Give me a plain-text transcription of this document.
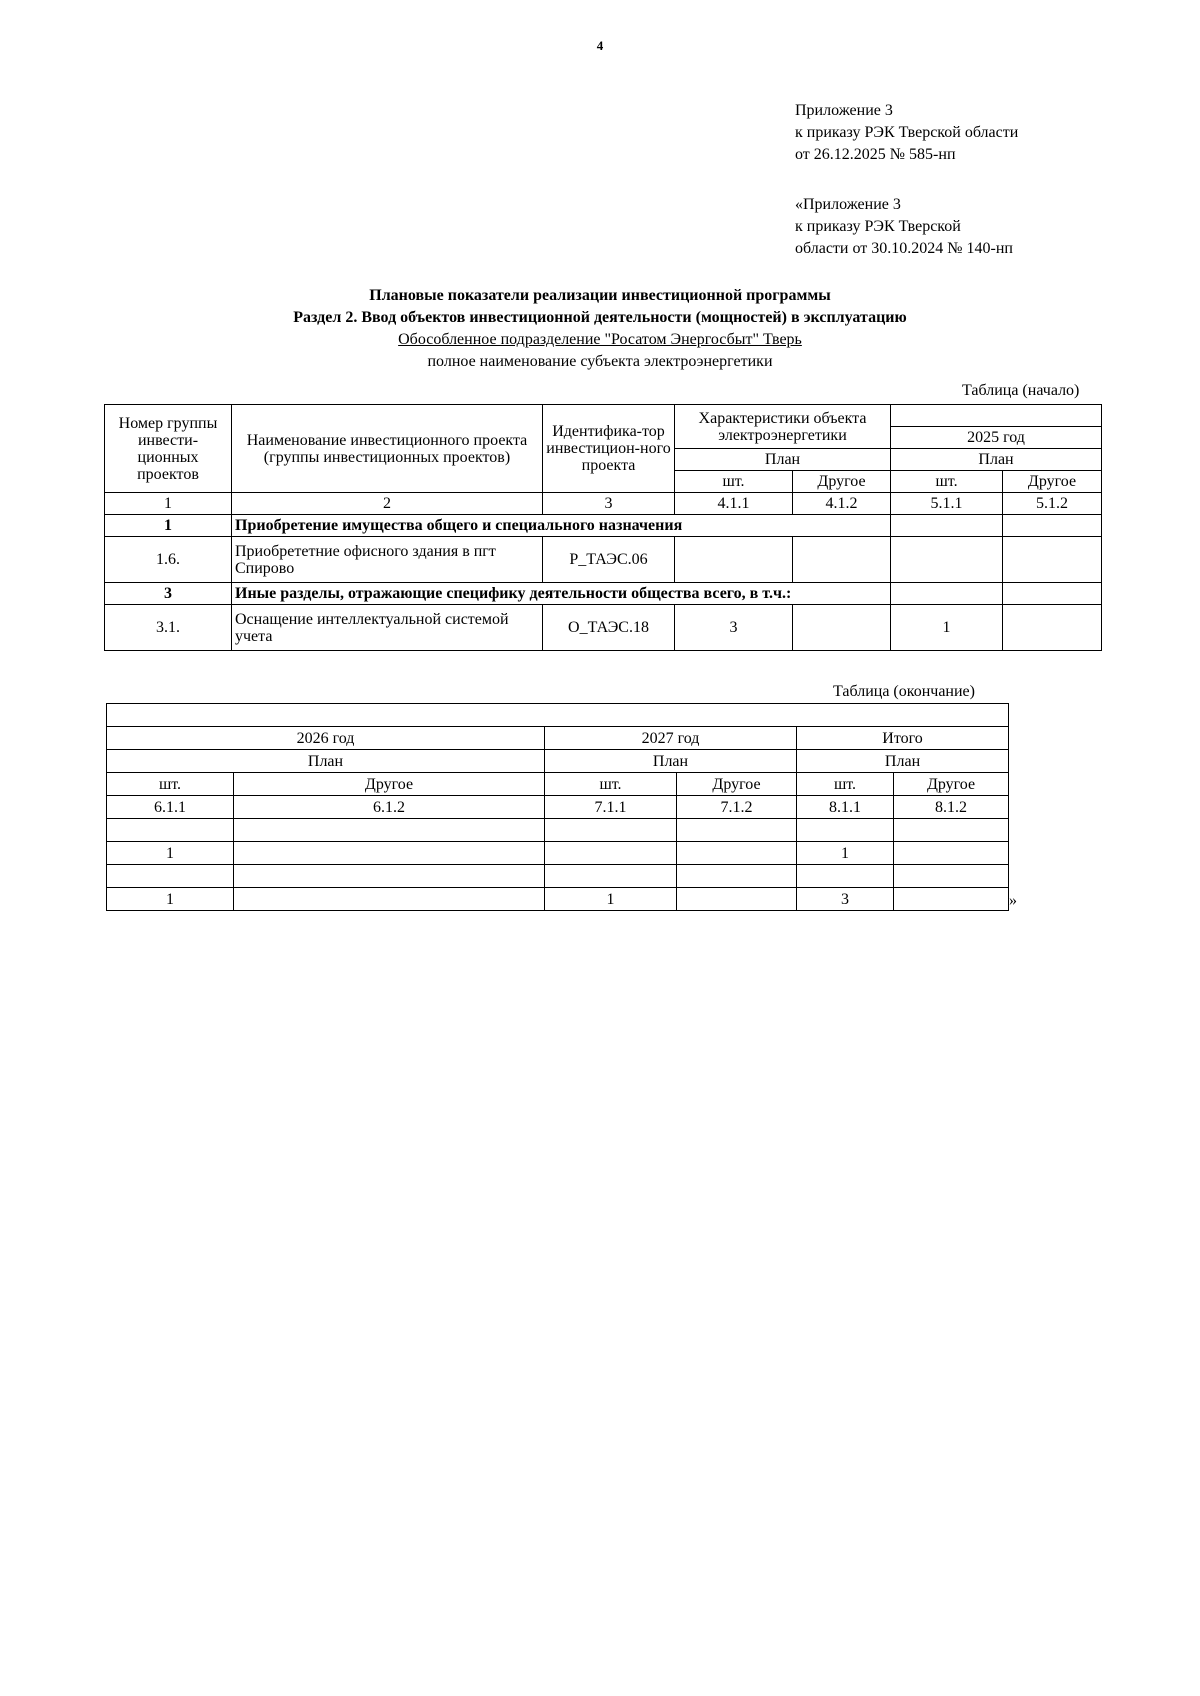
4
Приложение 3
к приказу РЭК Тверской области
от 26.12.2025 № 585-нп
«Приложение 3
к приказу РЭК Тверской
области от 30.10.2024 № 140-нп
Плановые показатели реализации инвестиционной программы
Раздел 2. Ввод объектов инвестиционной деятельности (мощностей) в эксплуатацию
Обособленное подразделение "Росатом Энергосбыт" Тверь
полное наименование субъекта электроэнергетики
Таблица (начало)
Номер группы инвести-ционных проектов	Наименование инвестиционного проекта (группы инвестиционных проектов)	Идентифика-тор инвестицион-ного проекта	Характеристики объекта электроэнергетики			
					2025 год	
			План		План	
			шт.	Другое	шт.	Другое
1	2	3	4.1.1	4.1.2	5.1.1	5.1.2
1	Приобретение имущества общего и специального назначения					
1.6.	Приобрететние офисного здания в пгт Спирово	Р_ТАЭС.06				
3	Иные разделы, отражающие специфику деятельности общества всего, в т.ч.:					
3.1.	Оснащение интеллектуальной системой учета	О_ТАЭС.18	3		1	
Таблица (окончание)

2026 год		2027 год		Итого	
План		План		План	
шт.	Другое	шт.	Другое	шт.	Другое
6.1.1	6.1.2	7.1.1	7.1.2	8.1.1	8.1.2

1				1	

1		1		3		»
